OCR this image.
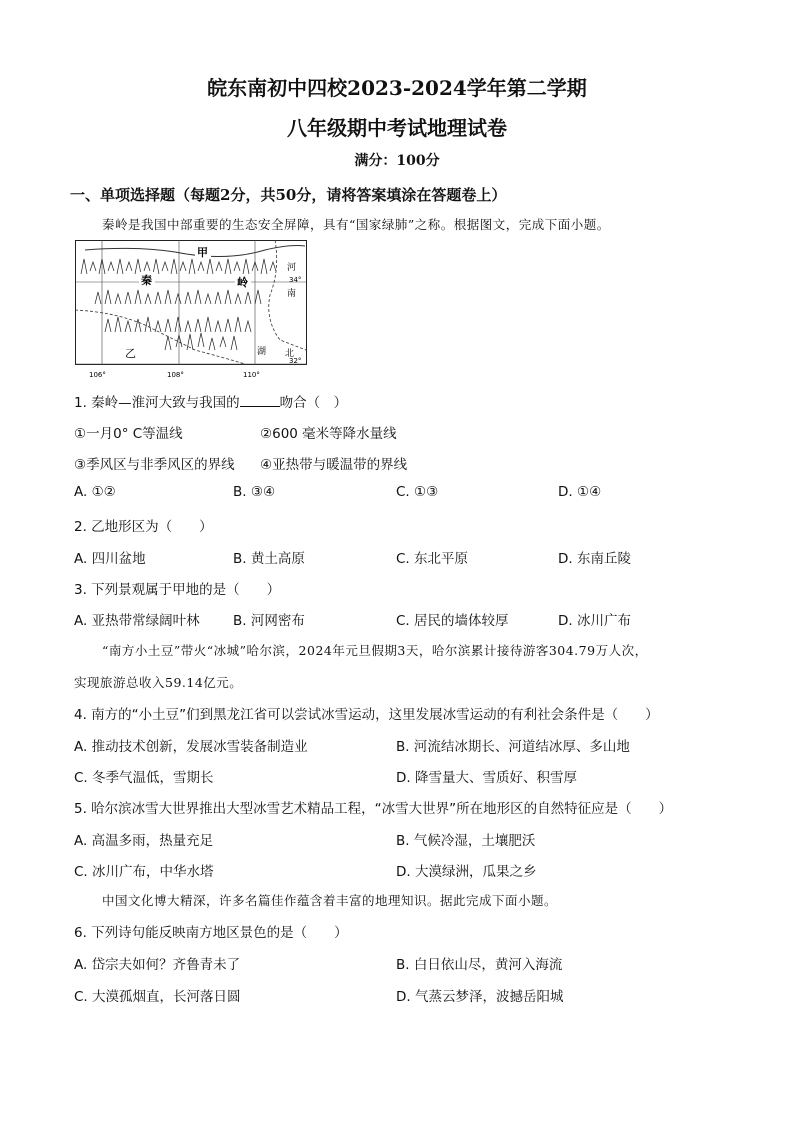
皖东南初中四校2023-2024学年第二学期
八年级期中考试地理试卷
满分：100分
一、单项选择题（每题2分，共50分，请将答案填涂在答题卷上）
秦岭是我国中部重要的生态安全屏障，具有“国家绿肺”之称。根据图文，完成下面小题。
甲
秦	岭
乙
河
南
湖 北
34°
32°
106°	108°	110°
1. 秦岭—淮河大致与我国的	吻合（　）
①一月0° C等温线	②600 毫米等降水量线
③季风区与非季风区的界线 ④亚热带与暖温带的界线
A. ①②	B. ③④	C. ①③	D. ①④
2. 乙地形区为（　　）
A. 四川盆地	B. 黄土高原	C. 东北平原	D. 东南丘陵
3. 下列景观属于甲地的是（　　）
A. 亚热带常绿阔叶林 B. 河网密布	C. 居民的墙体较厚	D. 冰川广布
“南方小土豆”带火“冰城”哈尔滨，2024年元旦假期3天，哈尔滨累计接待游客304.79万人次，
实现旅游总收入59.14亿元。
4. 南方的“小土豆”们到黑龙江省可以尝试冰雪运动，这里发展冰雪运动的有利社会条件是（　　）
A. 推动技术创新，发展冰雪装备制造业	B. 河流结冰期长、河道结冰厚、多山地
C. 冬季气温低，雪期长	D. 降雪量大、雪质好、积雪厚
5. 哈尔滨冰雪大世界推出大型冰雪艺术精品工程，“冰雪大世界”所在地形区的自然特征应是（　　）
A. 高温多雨，热量充足	B. 气候冷湿，土壤肥沃
C. 冰川广布，中华水塔	D. 大漠绿洲，瓜果之乡
中国文化博大精深，许多名篇佳作蕴含着丰富的地理知识。据此完成下面小题。
6. 下列诗句能反映南方地区景色的是（　　）
A. 岱宗夫如何？齐鲁青未了	B. 白日依山尽，黄河入海流
C. 大漠孤烟直，长河落日圆	D. 气蒸云梦泽，波撼岳阳城
